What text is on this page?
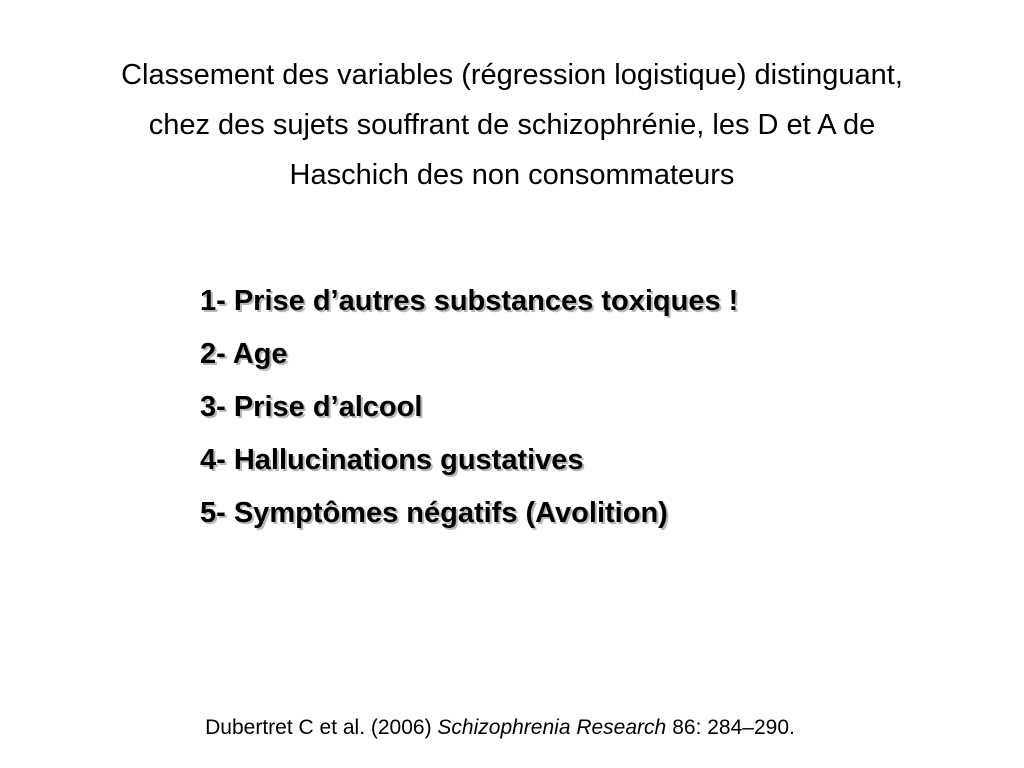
Classement des variables (régression logistique) distinguant,
chez des sujets souffrant de schizophrénie, les D et A de
Haschich des non consommateurs
1- Prise d’autres substances toxiques !
2- Age
3- Prise d’alcool
4- Hallucinations gustatives
5- Symptômes négatifs (Avolition)
Dubertret C et al. (2006) Schizophrenia Research 86: 284–290.
